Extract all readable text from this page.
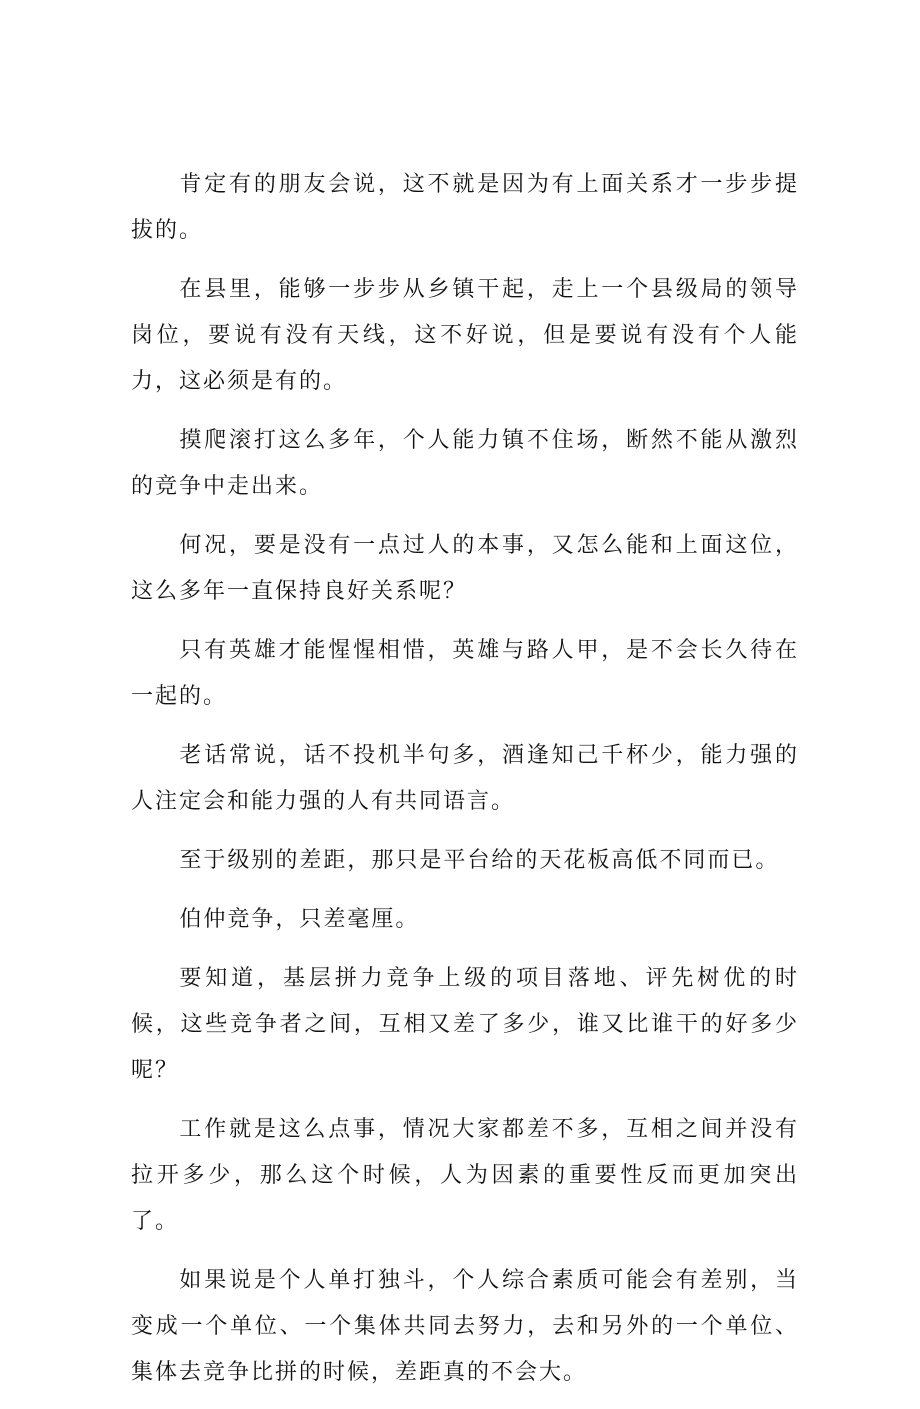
肯定有的朋友会说，这不就是因为有上面关系才一步步提拔的。

在县里，能够一步步从乡镇干起，走上一个县级局的领导岗位，要说有没有天线，这不好说，但是要说有没有个人能力，这必须是有的。

摸爬滚打这么多年，个人能力镇不住场，断然不能从激烈的竞争中走出来。

何况，要是没有一点过人的本事，又怎么能和上面这位，这么多年一直保持良好关系呢？

只有英雄才能惺惺相惜，英雄与路人甲，是不会长久待在一起的。

老话常说，话不投机半句多，酒逢知己千杯少，能力强的人注定会和能力强的人有共同语言。

至于级别的差距，那只是平台给的天花板高低不同而已。

伯仲竞争，只差毫厘。

要知道，基层拼力竞争上级的项目落地、评先树优的时候，这些竞争者之间，互相又差了多少，谁又比谁干的好多少呢？

工作就是这么点事，情况大家都差不多，互相之间并没有拉开多少，那么这个时候，人为因素的重要性反而更加突出了。

如果说是个人单打独斗，个人综合素质可能会有差别，当变成一个单位、一个集体共同去努力，去和另外的一个单位、集体去竞争比拼的时候，差距真的不会大。
